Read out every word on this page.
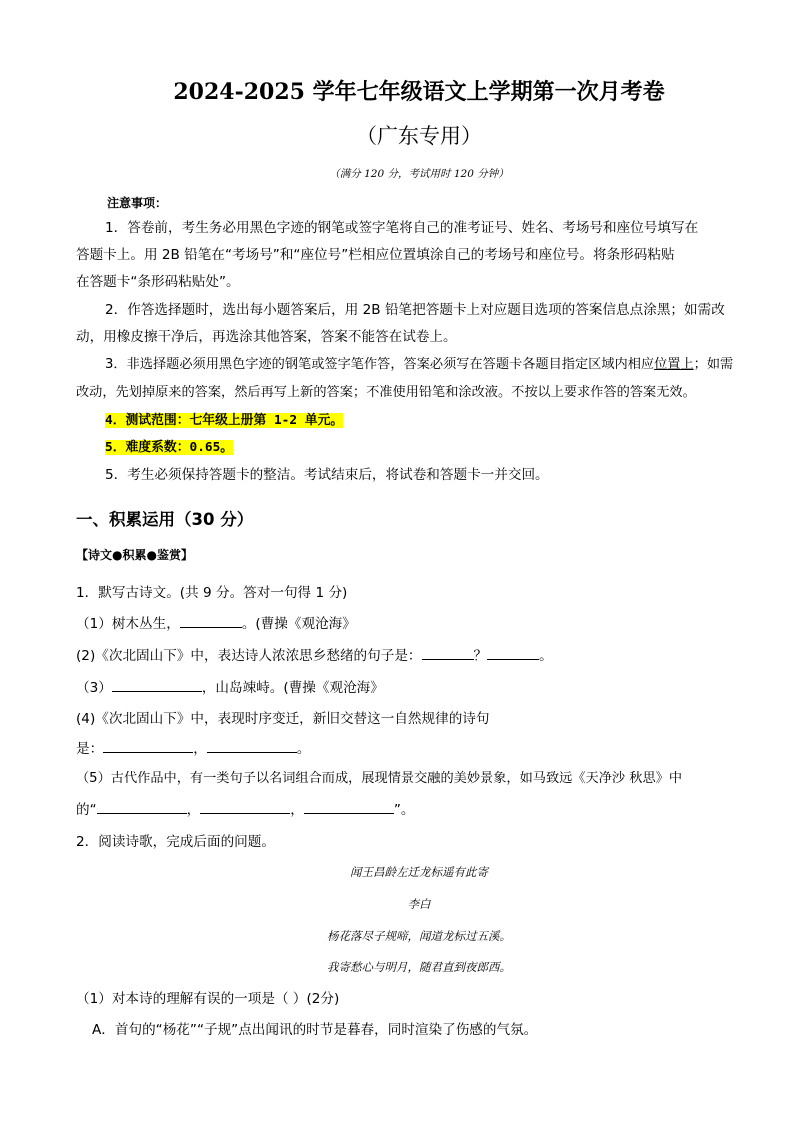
2024-2025 学年七年级语文上学期第一次月考卷
（广东专用）
（满分 120 分，考试用时 120 分钟）
注意事项：
1．答卷前，考生务必用黑色字迹的钢笔或签字笔将自己的准考证号、姓名、考场号和座位号填写在
答题卡上。用 2B 铅笔在“考场号”和“座位号”栏相应位置填涂自己的考场号和座位号。将条形码粘贴
在答题卡“条形码粘贴处”。
2．作答选择题时，选出每小题答案后，用 2B 铅笔把答题卡上对应题目选项的答案信息点涂黑；如需改
动，用橡皮擦干净后，再选涂其他答案，答案不能答在试卷上。
3．非选择题必须用黑色字迹的钢笔或签字笔作答，答案必须写在答题卡各题目指定区域内相应位置上；如需
改动，先划掉原来的答案，然后再写上新的答案；不准使用铅笔和涂改液。不按以上要求作答的答案无效。
4．测试范围：七年级上册第 1-2 单元。
5．难度系数：0.65。
5．考生必须保持答题卡的整洁。考试结束后，将试卷和答题卡一并交回。
一、积累运用（30 分）
【诗文●积累●鉴赏】
1．默写古诗文。(共 9 分。答对一句得 1 分)
（1）树木丛生，	。(曹操《观沧海》
(2)《次北固山下》中，表达诗人浓浓思乡愁绪的句子是：	？	。
（3）	，山岛竦峙。(曹操《观沧海》
(4)《次北固山下》中，表现时序变迁，新旧交替这一自然规律的诗句
是：	，	。
（5）古代作品中，有一类句子以名词组合而成，展现情景交融的美妙景象，如马致远《天净沙 秋思》中
的“	，	，	”。
2．阅读诗歌，完成后面的问题。
闻王昌龄左迁龙标遥有此寄
李白
杨花落尽子规啼，闻道龙标过五溪。
我寄愁心与明月，随君直到夜郎西。
（1）对本诗的理解有误的一项是（ ）(2分)
A．首句的“杨花”“子规”点出闻讯的时节是暮春，同时渲染了伤感的气氛。
